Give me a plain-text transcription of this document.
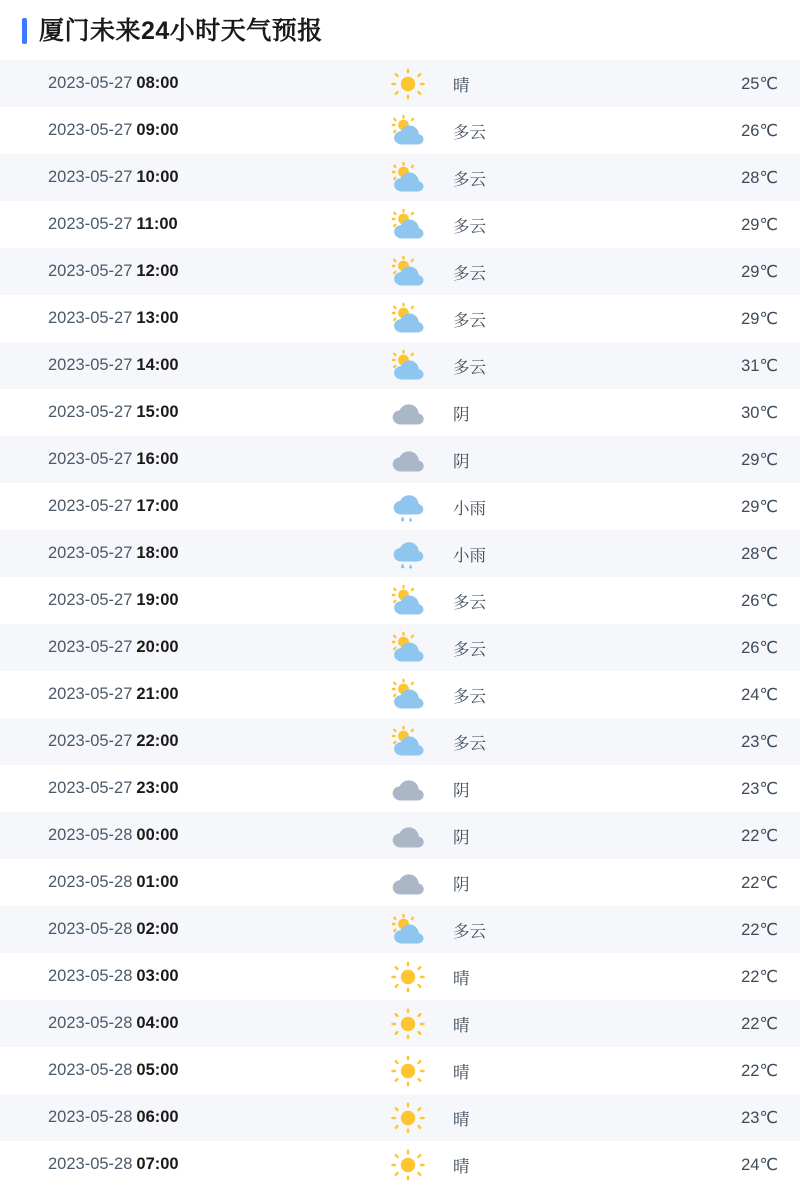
厦门未来24小时天气预报
2023-05-27 08:00		晴	25℃
2023-05-27 09:00		多云	26℃
2023-05-27 10:00		多云	28℃
2023-05-27 11:00		多云	29℃
2023-05-27 12:00		多云	29℃
2023-05-27 13:00		多云	29℃
2023-05-27 14:00		多云	31℃
2023-05-27 15:00		阴	30℃
2023-05-27 16:00		阴	29℃
2023-05-27 17:00		小雨	29℃
2023-05-27 18:00		小雨	28℃
2023-05-27 19:00		多云	26℃
2023-05-27 20:00		多云	26℃
2023-05-27 21:00		多云	24℃
2023-05-27 22:00		多云	23℃
2023-05-27 23:00		阴	23℃
2023-05-28 00:00		阴	22℃
2023-05-28 01:00		阴	22℃
2023-05-28 02:00		多云	22℃
2023-05-28 03:00		晴	22℃
2023-05-28 04:00		晴	22℃
2023-05-28 05:00		晴	22℃
2023-05-28 06:00		晴	23℃
2023-05-28 07:00		晴	24℃
